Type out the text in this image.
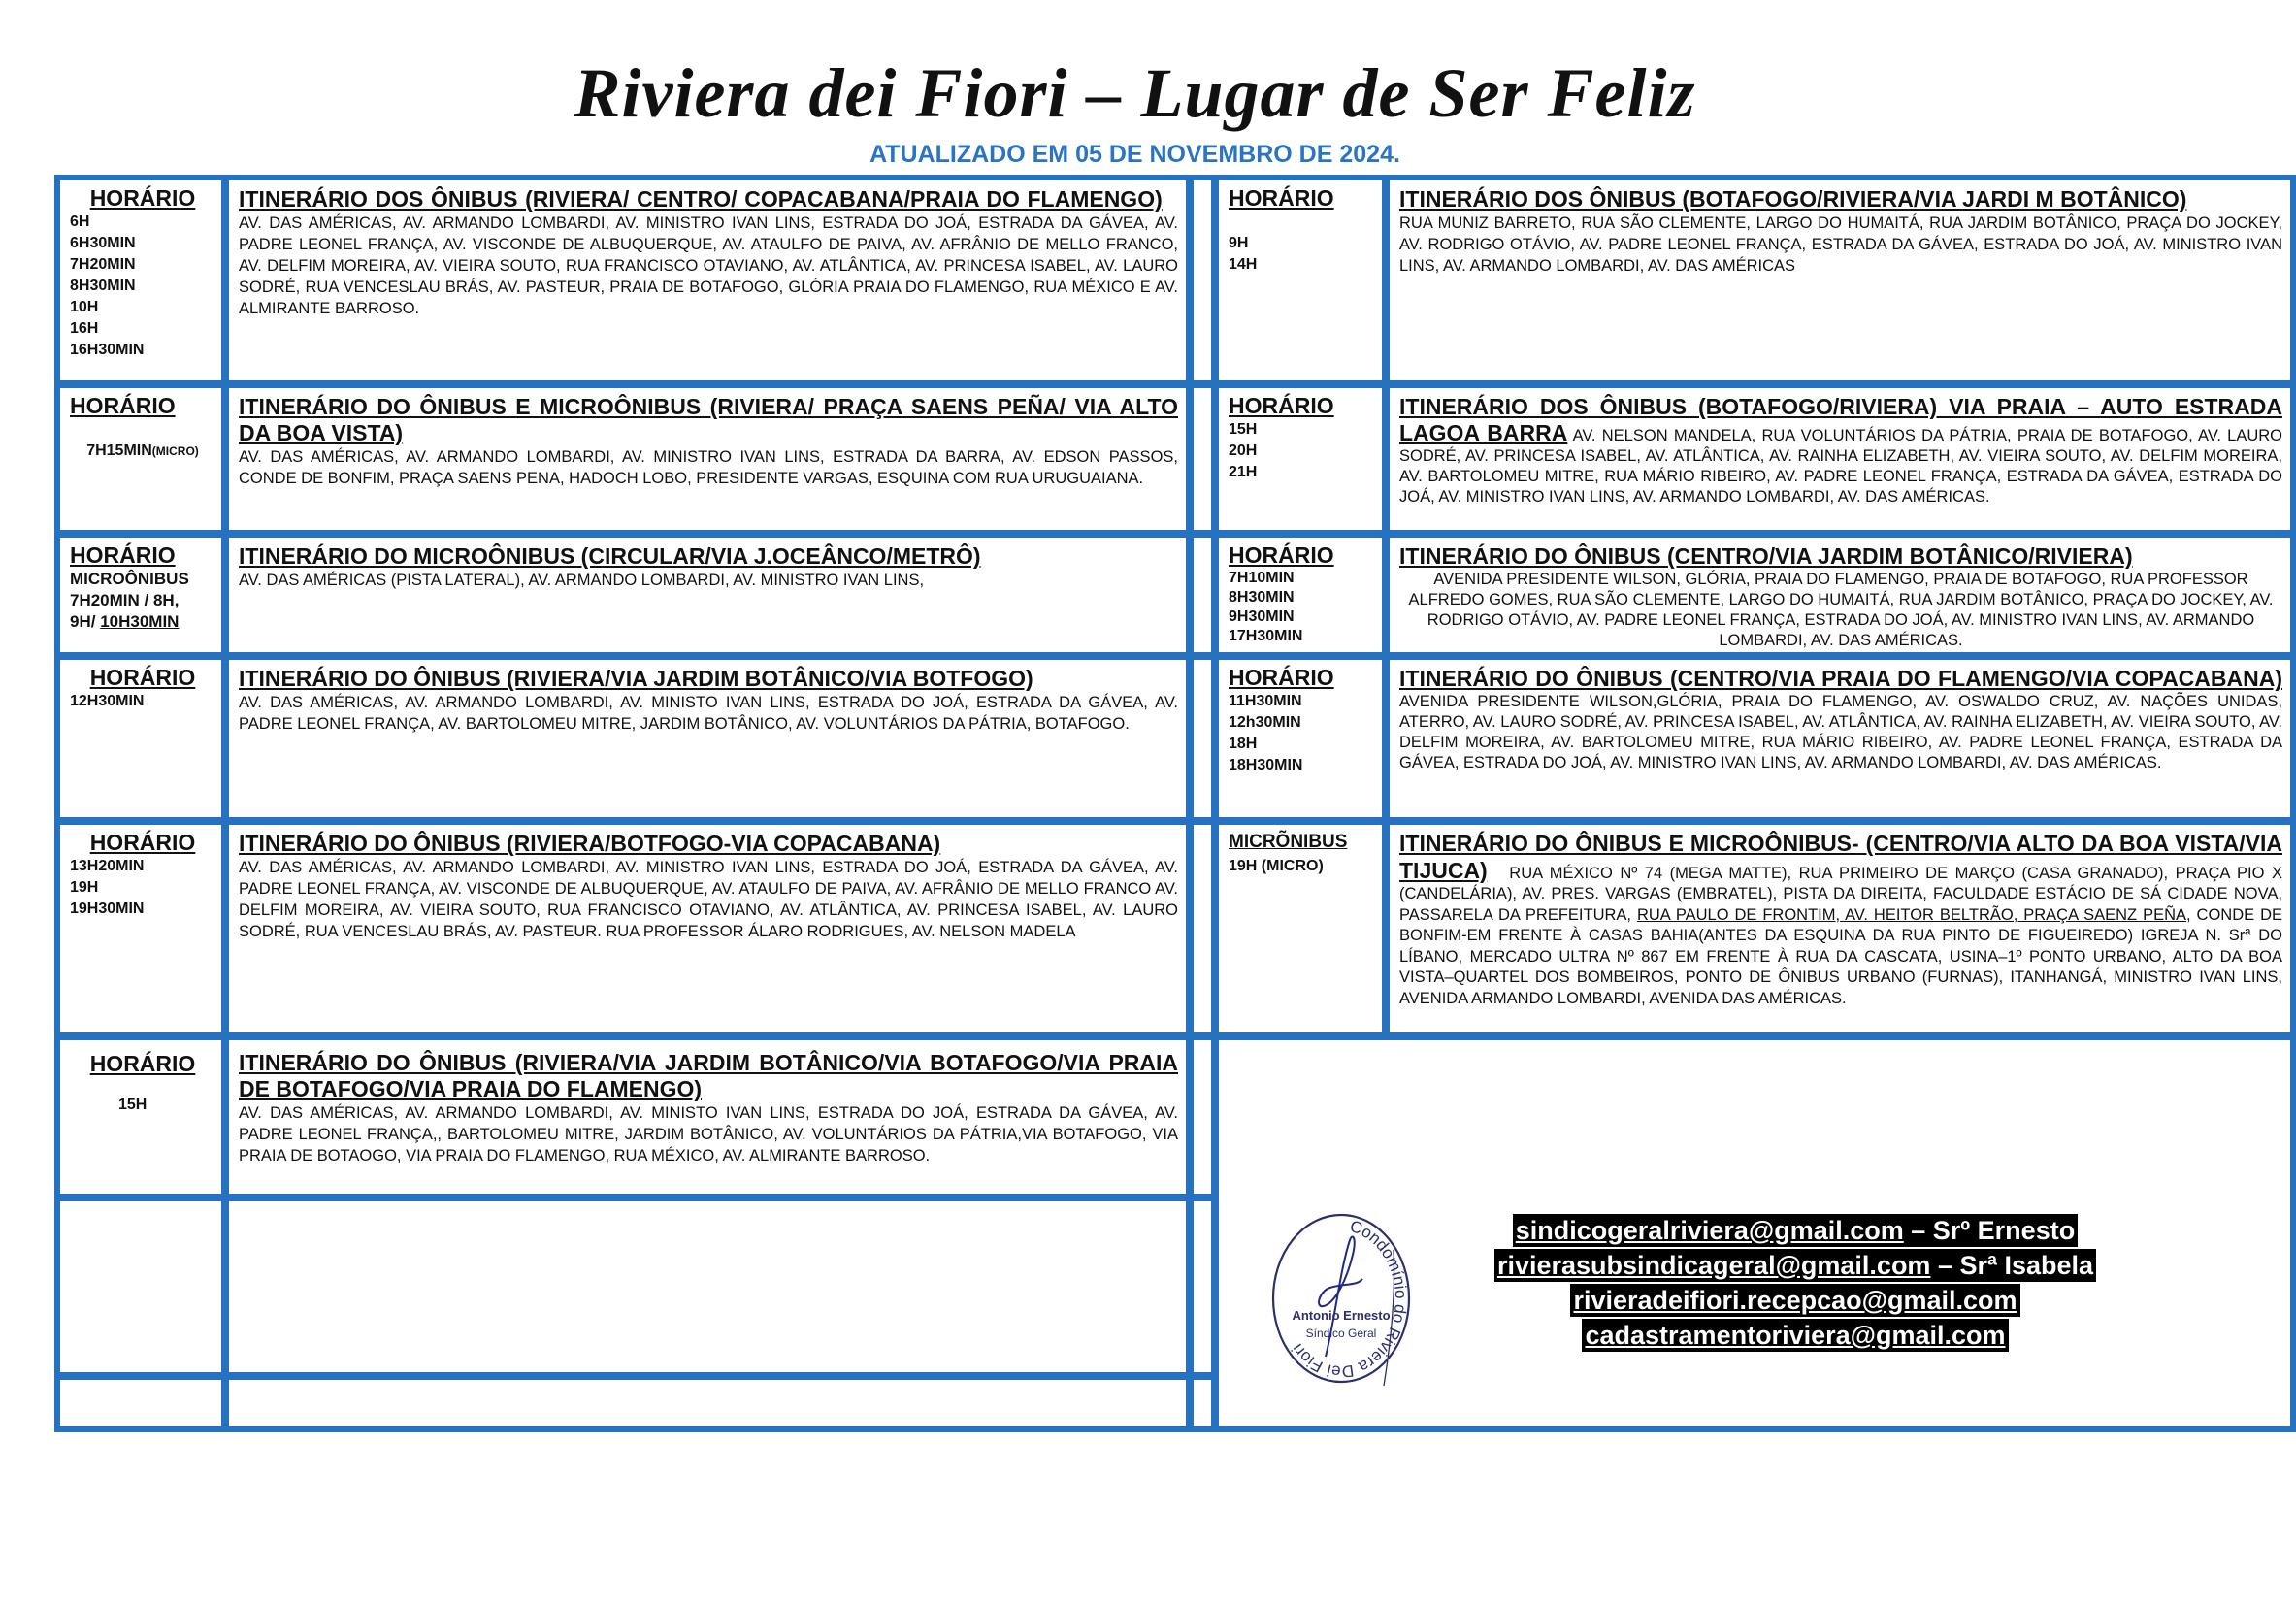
Riviera dei Fiori – Lugar de Ser Feliz
ATUALIZADO EM 05 DE NOVEMBRO DE 2024.
HORÁRIO
6H
6H30MIN
7H20MIN
8H30MIN
10H
16H
16H30MIN
ITINERÁRIO DOS ÔNIBUS (RIVIERA/ CENTRO/ COPACABANA/PRAIA DO FLAMENGO)    AV. DAS AMÉRICAS, AV. ARMANDO LOMBARDI, AV. MINISTRO IVAN LINS, ESTRADA DO JOÁ, ESTRADA DA GÁVEA, AV. PADRE LEONEL FRANÇA, AV. VISCONDE DE ALBUQUERQUE, AV. ATAULFO DE PAIVA, AV. AFRÂNIO DE MELLO FRANCO, AV. DELFIM MOREIRA, AV. VIEIRA SOUTO, RUA FRANCISCO OTAVIANO, AV. ATLÂNTICA, AV. PRINCESA ISABEL, AV. LAURO SODRÉ, RUA VENCESLAU BRÁS, AV. PASTEUR, PRAIA DE BOTAFOGO, GLÓRIA PRAIA DO FLAMENGO, RUA MÉXICO E AV. ALMIRANTE BARROSO.
HORÁRIO
7H15MIN(MICRO)
ITINERÁRIO DO ÔNIBUS E MICROÔNIBUS (RIVIERA/ PRAÇA SAENS PEÑA/ VIA ALTO DA BOA VISTA)
AV. DAS AMÉRICAS, AV. ARMANDO LOMBARDI, AV. MINISTRO IVAN LINS, ESTRADA DA BARRA, AV. EDSON PASSOS, CONDE DE BONFIM, PRAÇA SAENS PENA, HADOCH LOBO, PRESIDENTE VARGAS, ESQUINA COM RUA URUGUAIANA.
HORÁRIO
MICROÔNIBUS
7H20MIN / 8H,
9H/ 10H30MIN
ITINERÁRIO DO MICROÔNIBUS (CIRCULAR/VIA J.OCEÂNCO/METRÔ)
AV. DAS AMÉRICAS (PISTA LATERAL), AV. ARMANDO LOMBARDI, AV. MINISTRO IVAN LINS,
HORÁRIO
12H30MIN
ITINERÁRIO DO ÔNIBUS (RIVIERA/VIA JARDIM BOTÂNICO/VIA BOTFOGO)
AV. DAS AMÉRICAS, AV. ARMANDO LOMBARDI, AV. MINISTO IVAN LINS, ESTRADA DO JOÁ, ESTRADA DA GÁVEA, AV. PADRE LEONEL FRANÇA, AV. BARTOLOMEU MITRE, JARDIM BOTÂNICO, AV. VOLUNTÁRIOS DA PÁTRIA, BOTAFOGO.
HORÁRIO
13H20MIN
19H
19H30MIN
ITINERÁRIO DO ÔNIBUS (RIVIERA/BOTFOGO-VIA COPACABANA)
AV. DAS AMÉRICAS, AV. ARMANDO LOMBARDI, AV. MINISTRO IVAN LINS, ESTRADA DO JOÁ, ESTRADA DA GÁVEA, AV. PADRE LEONEL FRANÇA, AV. VISCONDE DE ALBUQUERQUE, AV. ATAULFO DE PAIVA, AV. AFRÂNIO DE MELLO FRANCO AV. DELFIM MOREIRA, AV. VIEIRA SOUTO, RUA FRANCISCO OTAVIANO, AV. ATLÂNTICA, AV. PRINCESA ISABEL, AV. LAURO SODRÉ, RUA VENCESLAU BRÁS, AV. PASTEUR. RUA PROFESSOR ÁLARO RODRIGUES, AV. NELSON MADELA
HORÁRIO
15H
ITINERÁRIO DO ÔNIBUS (RIVIERA/VIA JARDIM BOTÂNICO/VIA BOTAFOGO/VIA PRAIA DE BOTAFOGO/VIA PRAIA DO FLAMENGO)
AV. DAS AMÉRICAS, AV. ARMANDO LOMBARDI, AV. MINISTO IVAN LINS, ESTRADA DO JOÁ, ESTRADA DA GÁVEA, AV. PADRE LEONEL FRANÇA,, BARTOLOMEU MITRE, JARDIM BOTÂNICO, AV. VOLUNTÁRIOS DA PÁTRIA,VIA BOTAFOGO, VIA PRAIA DE BOTAOGO, VIA PRAIA DO FLAMENGO, RUA MÉXICO, AV. ALMIRANTE BARROSO.
HORÁRIO
9H
14H
ITINERÁRIO DOS ÔNIBUS (BOTAFOGO/RIVIERA/VIA JARDI M BOTÂNICO)
RUA MUNIZ BARRETO, RUA SÃO CLEMENTE, LARGO DO HUMAITÁ, RUA JARDIM BOTÂNICO, PRAÇA DO JOCKEY, AV. RODRIGO OTÁVIO, AV. PADRE LEONEL FRANÇA, ESTRADA DA GÁVEA, ESTRADA DO JOÁ, AV. MINISTRO IVAN LINS, AV. ARMANDO LOMBARDI, AV. DAS AMÉRICAS
HORÁRIO
15H
20H
21H
ITINERÁRIO DOS ÔNIBUS (BOTAFOGO/RIVIERA) VIA PRAIA – AUTO ESTRADA LAGOA BARRA AV. NELSON MANDELA, RUA VOLUNTÁRIOS DA PÁTRIA, PRAIA DE BOTAFOGO, AV. LAURO SODRÉ, AV. PRINCESA ISABEL, AV. ATLÂNTICA, AV. RAINHA ELIZABETH, AV. VIEIRA SOUTO, AV. DELFIM MOREIRA, AV. BARTOLOMEU MITRE, RUA MÁRIO RIBEIRO, AV. PADRE LEONEL FRANÇA, ESTRADA DA GÁVEA, ESTRADA DO JOÁ, AV. MINISTRO IVAN LINS, AV. ARMANDO LOMBARDI, AV. DAS AMÉRICAS.
HORÁRIO
7H10MIN
8H30MIN
9H30MIN
17H30MIN
ITINERÁRIO DO ÔNIBUS (CENTRO/VIA JARDIM BOTÂNICO/RIVIERA)
AVENIDA PRESIDENTE WILSON, GLÓRIA, PRAIA DO FLAMENGO, PRAIA DE BOTAFOGO, RUA PROFESSOR ALFREDO GOMES, RUA SÃO CLEMENTE, LARGO DO HUMAITÁ, RUA JARDIM BOTÂNICO, PRAÇA DO JOCKEY, AV. RODRIGO OTÁVIO, AV. PADRE LEONEL FRANÇA, ESTRADA DO JOÁ, AV. MINISTRO IVAN LINS, AV. ARMANDO LOMBARDI, AV. DAS AMÉRICAS.
HORÁRIO
11H30MIN
12h30MIN
18H
18H30MIN
ITINERÁRIO DO ÔNIBUS (CENTRO/VIA PRAIA DO FLAMENGO/VIA COPACABANA) AVENIDA PRESIDENTE WILSON,GLÓRIA, PRAIA DO FLAMENGO, AV. OSWALDO CRUZ, AV. NAÇÕES UNIDAS, ATERRO, AV. LAURO SODRÉ, AV. PRINCESA ISABEL, AV. ATLÂNTICA, AV. RAINHA ELIZABETH, AV. VIEIRA SOUTO, AV. DELFIM MOREIRA, AV. BARTOLOMEU MITRE, RUA MÁRIO RIBEIRO, AV. PADRE LEONEL FRANÇA, ESTRADA DA GÁVEA, ESTRADA DO JOÁ, AV. MINISTRO IVAN LINS, AV. ARMANDO LOMBARDI, AV. DAS AMÉRICAS.
MICRÕNIBUS
19H (MICRO)
ITINERÁRIO DO ÔNIBUS E MICROÔNIBUS- (CENTRO/VIA ALTO DA BOA VISTA/VIA TIJUCA) RUA MÉXICO Nº 74 (MEGA MATTE), RUA PRIMEIRO DE MARÇO (CASA GRANADO), PRAÇA PIO X (CANDELÁRIA), AV. PRES. VARGAS (EMBRATEL), PISTA DA DIREITA, FACULDADE ESTÁCIO DE SÁ CIDADE NOVA, PASSARELA DA PREFEITURA, RUA PAULO DE FRONTIM, AV. HEITOR BELTRÃO, PRAÇA SAENZ PEÑA, CONDE DE BONFIM-EM FRENTE À CASAS BAHIA(ANTES DA ESQUINA DA RUA PINTO DE FIGUEIREDO) IGREJA N. Srª DO LÍBANO, MERCADO ULTRA Nº 867 EM FRENTE À RUA DA CASCATA, USINA–1º PONTO URBANO, ALTO DA BOA VISTA–QUARTEL DOS BOMBEIROS, PONTO DE ÔNIBUS URBANO (FURNAS), ITANHANGÁ, MINISTRO IVAN LINS, AVENIDA ARMANDO LOMBARDI, AVENIDA DAS AMÉRICAS.
Condomínio do Riviera Dei Fiori
Antonio Ernesto
Síndico Geral
sindicogeralriviera@gmail.com – Srº Ernesto
rivierasubsindicageral@gmail.com – Srª Isabela
rivieradeifiori.recepcao@gmail.com
cadastramentoriviera@gmail.com
